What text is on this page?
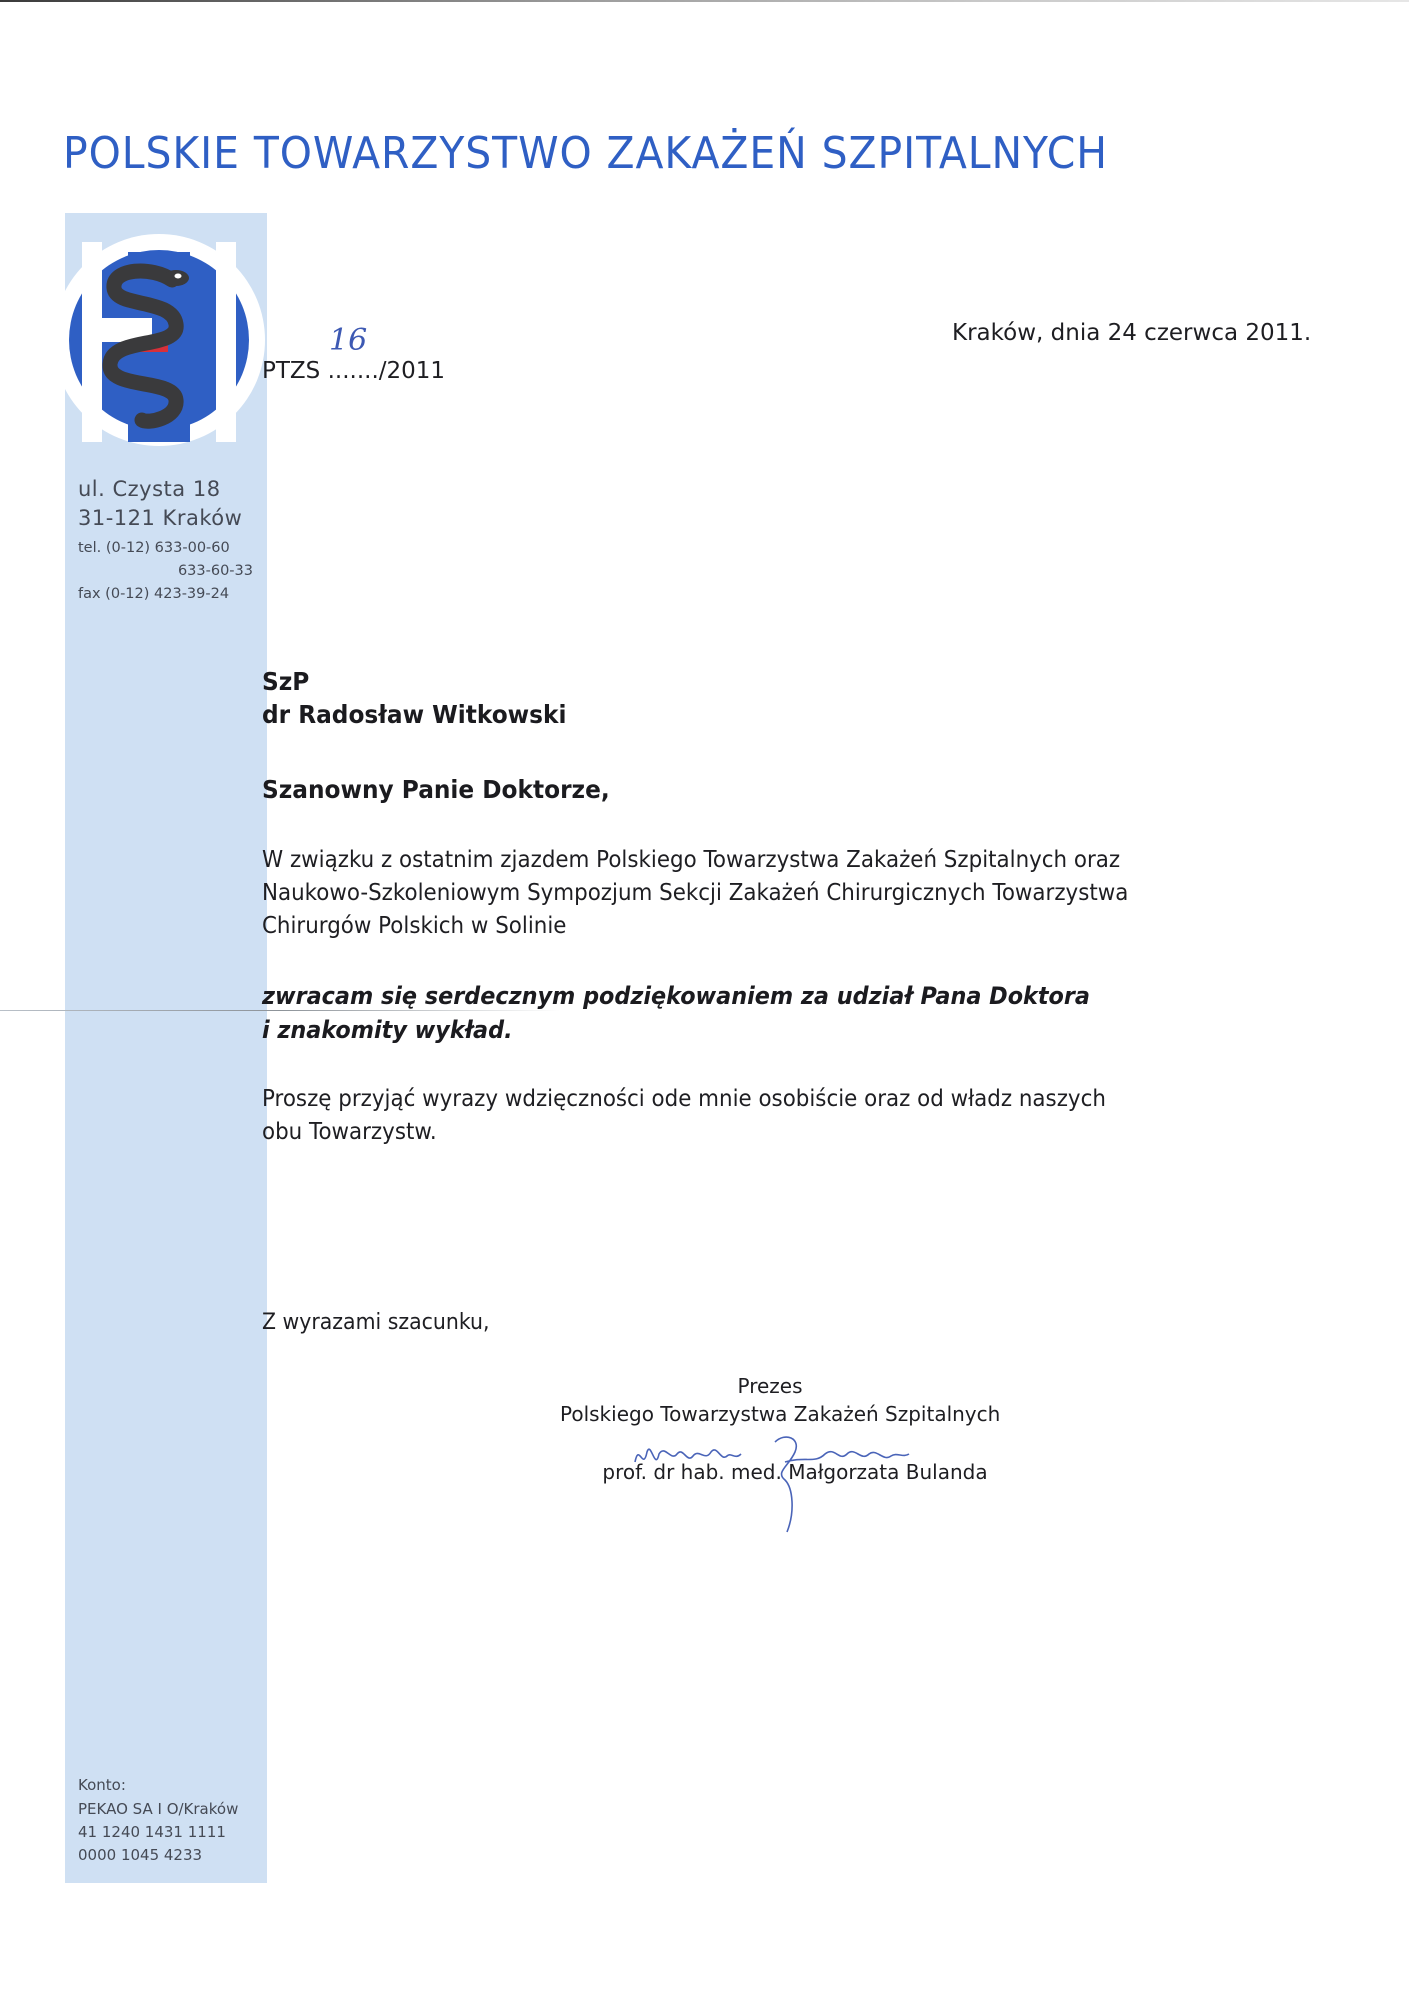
POLSKIE TOWARZYSTWO ZAKAŻEŃ SZPITALNYCH
PTZS ......./2011
16	Kraków, dnia 24 czerwca 2011.
ul. Czysta 18
31-121 Kraków
tel. (0-12) 633-00-60
633-60-33
fax (0-12) 423-39-24
SzP
dr Radosław Witkowski
Szanowny Panie Doktorze,
W związku z ostatnim zjazdem Polskiego Towarzystwa Zakażeń Szpitalnych oraz
Naukowo-Szkoleniowym Sympozjum Sekcji Zakażeń Chirurgicznych Towarzystwa
Chirurgów Polskich w Solinie
zwracam się serdecznym podziękowaniem za udział Pana Doktora
i znakomity wykład.
Proszę przyjąć wyrazy wdzięczności ode mnie osobiście oraz od władz naszych
obu Towarzystw.
Z wyrazami szacunku,
Prezes
Polskiego Towarzystwa Zakażeń Szpitalnych
prof. dr hab. med. Małgorzata Bulanda
Konto:
PEKAO SA I O/Kraków
41 1240 1431 1111
0000 1045 4233
